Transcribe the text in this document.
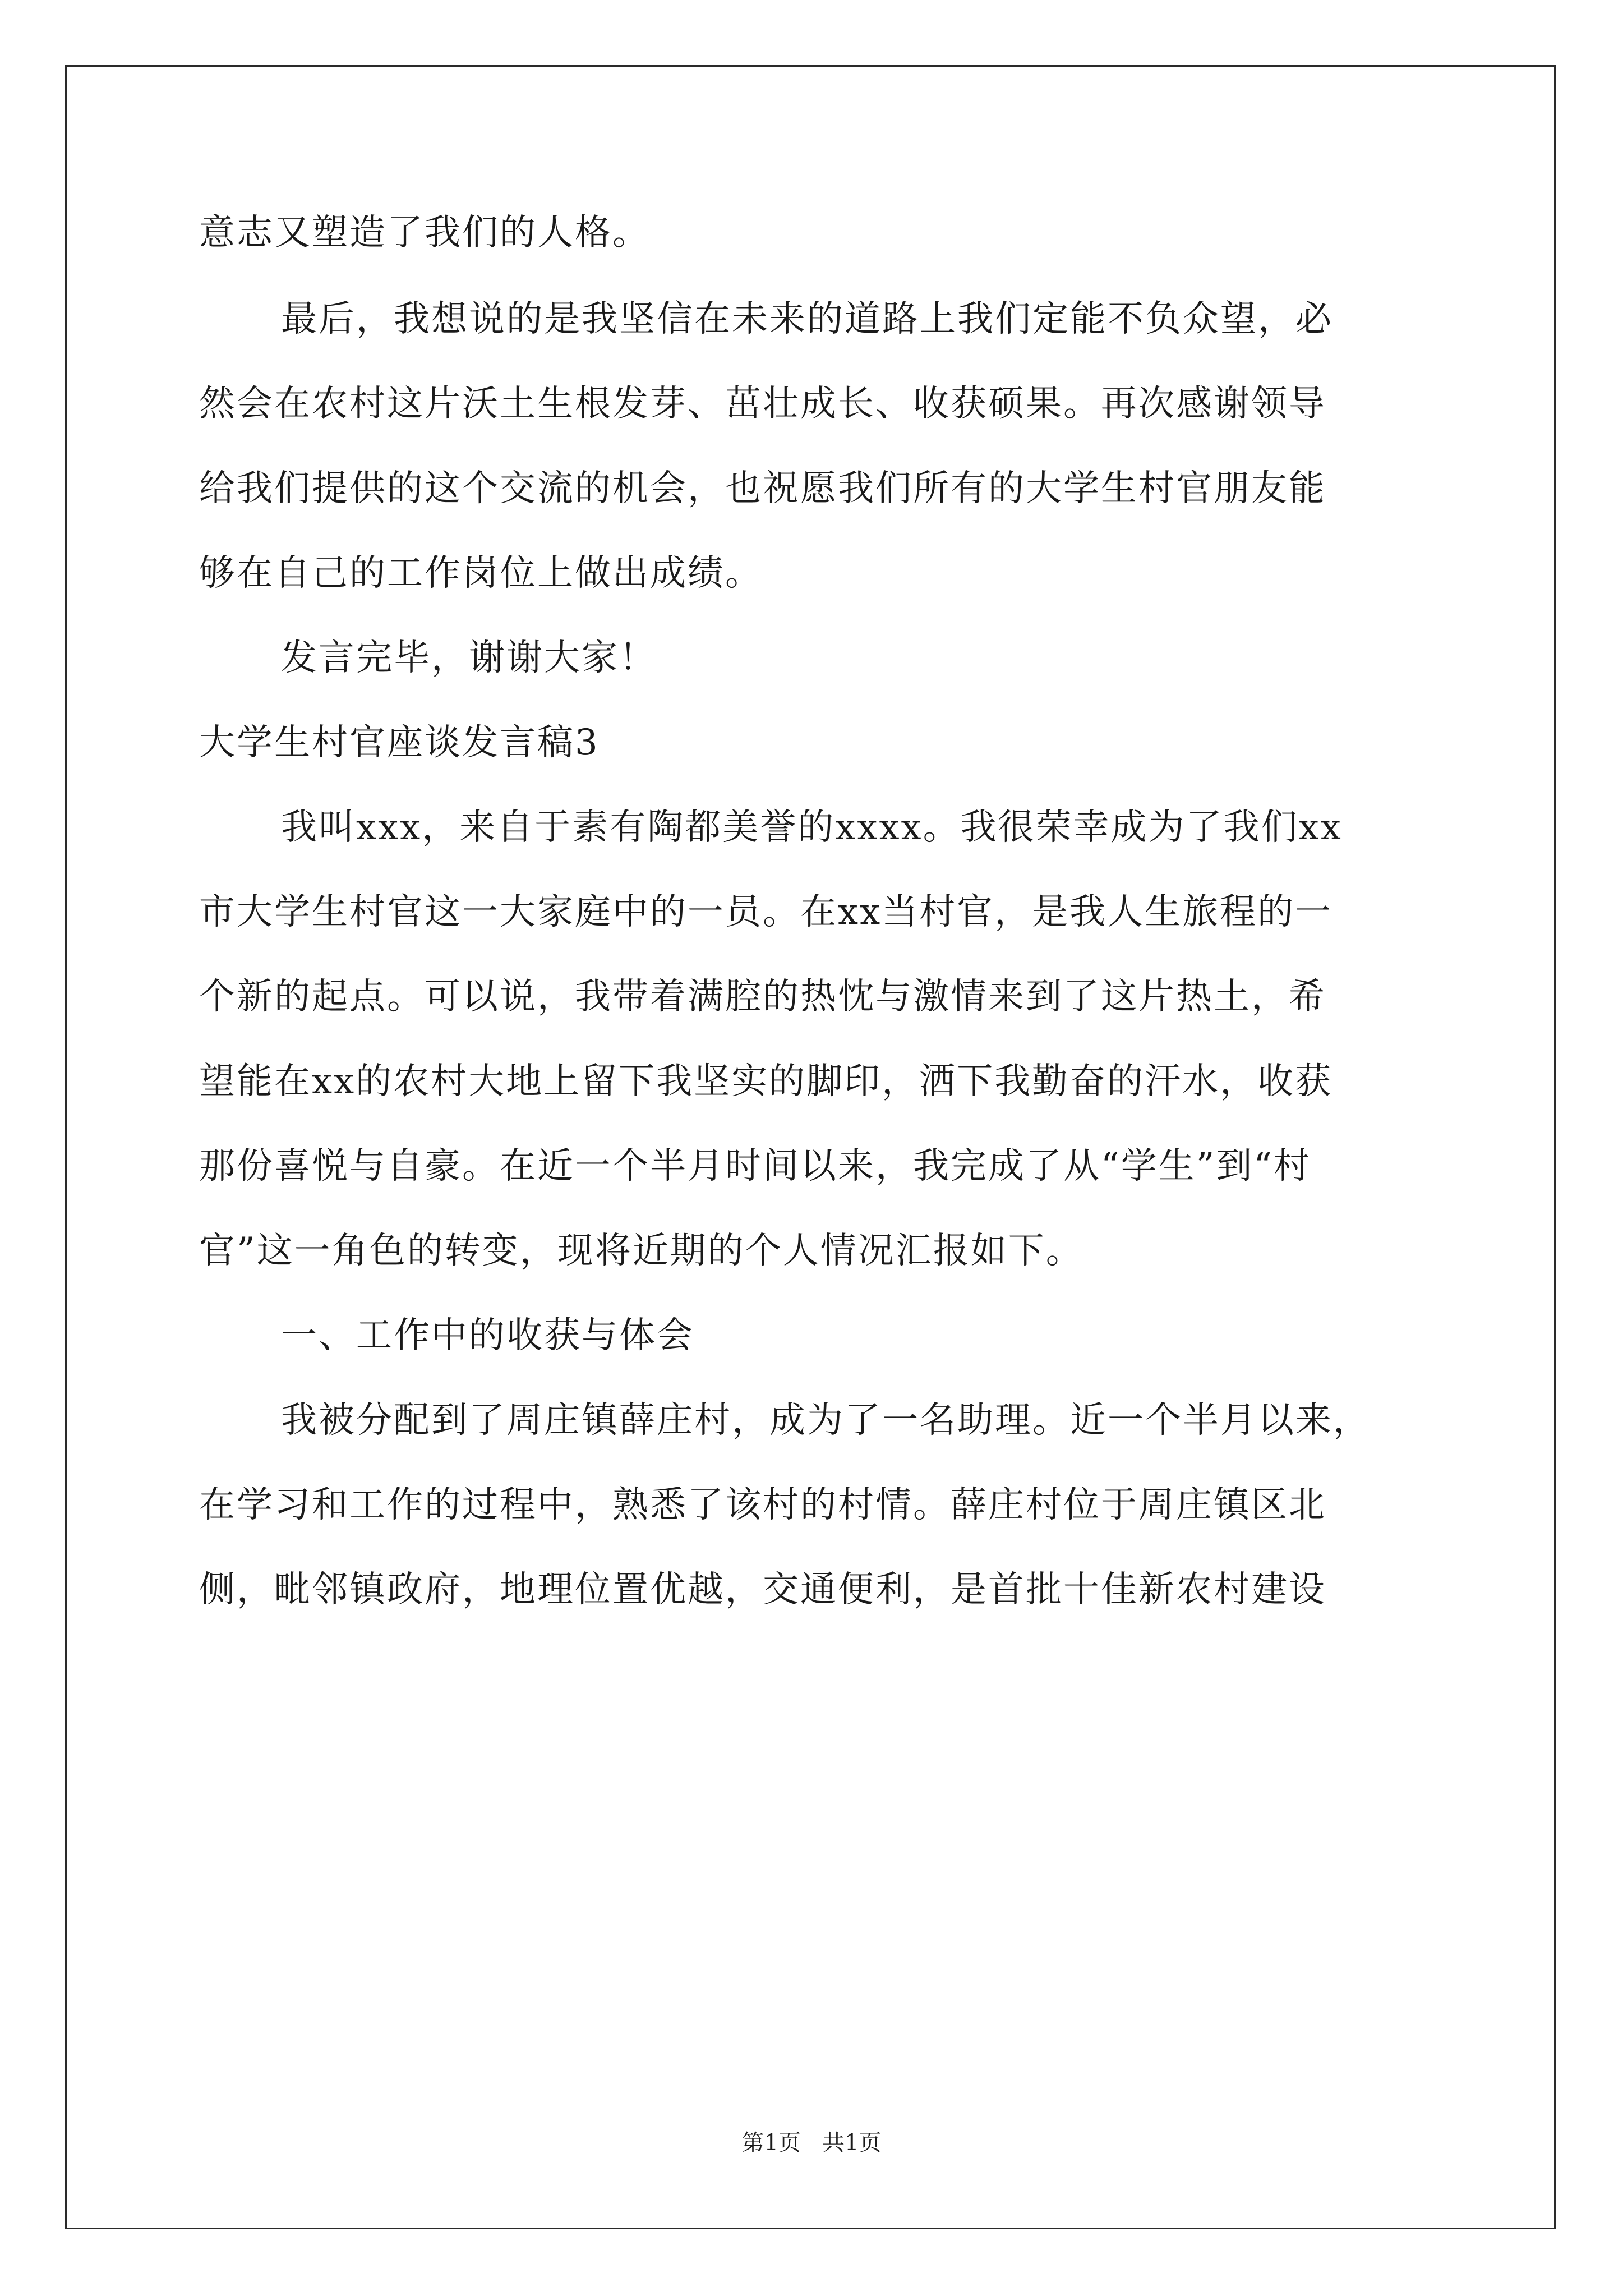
意志又塑造了我们的人格。
最后，我想说的是我坚信在未来的道路上我们定能不负众望，必
然会在农村这片沃土生根发芽、茁壮成长、收获硕果。再次感谢领导
给我们提供的这个交流的机会，也祝愿我们所有的大学生村官朋友能
够在自己的工作岗位上做出成绩。
发言完毕，谢谢大家！
大学生村官座谈发言稿3
我叫xxx，来自于素有陶都美誉的xxxx。我很荣幸成为了我们xx
市大学生村官这一大家庭中的一员。在xx当村官，是我人生旅程的一
个新的起点。可以说，我带着满腔的热忱与激情来到了这片热土，希
望能在xx的农村大地上留下我坚实的脚印，洒下我勤奋的汗水，收获
那份喜悦与自豪。在近一个半月时间以来，我完成了从“学生”到“村
官”这一角色的转变，现将近期的个人情况汇报如下。
一、工作中的收获与体会
我被分配到了周庄镇薛庄村，成为了一名助理。近一个半月以来，
在学习和工作的过程中，熟悉了该村的村情。薛庄村位于周庄镇区北
侧，毗邻镇政府，地理位置优越，交通便利，是首批十佳新农村建设
第1页   共1页
